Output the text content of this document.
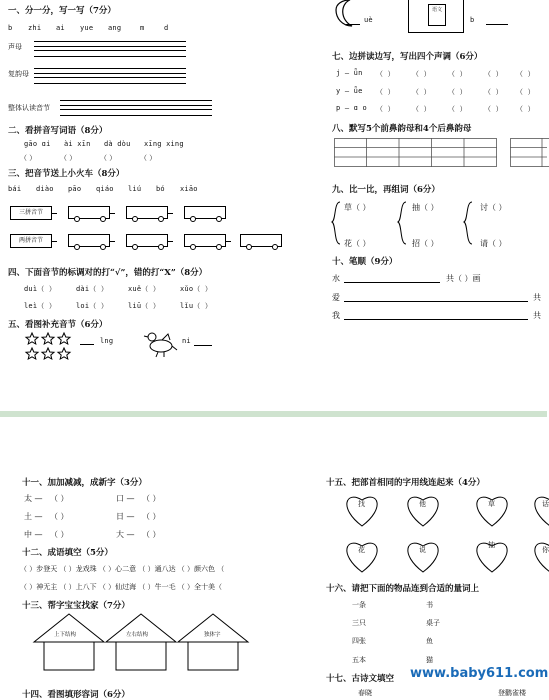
一、分一分，写一写（7分）
b zhi ai yue ang	m	d
声母
复韵母
整体认读音节
二、看拼音写词语（8分）
gāo ɑi ài xīn dà dòu xīng xing
（ ）	（ ）	（ ）	（ ）
三、把音节送上小火车（8分）
bái diào pāo qiáo liú bó xiāo
三拼音节
两拼音节
四、下面音节的标调对的打“√”，错的打“X”（8分）
duì（ ）	dài（ ）	xuě（ ）	xǔo（ ）
leì（ ）	loi（ ）	liū（ ）	lǐu（ ）
五、看图补充音节（6分）
lng	ni
uè
语文
b
七、边拼读边写，写出四个声调（6分）
j — ǖn （ ） （ ） （ ） （ ） （ ）
y — ǖe （ ） （ ） （ ） （ ） （ ）
p — ɑ o （ ） （ ） （ ） （ ） （ ）
八、默写5个前鼻韵母和4个后鼻韵母
九、比一比，再组词（6分）
草（ ）
花（ ）
抽（ ）
招（ ）
讨（ ）
请（ ）
十、笔顺（9分）
水	共（ ）画
爱	共
我	共
十一、加加减减，成新字（3分）
太 — （ ）	口 — （ ）
土 — （ ）	日 — （ ）
中 — （ ）	大 — （ ）
十二、成语填空（5分）
（ ）步登天 （ ）龙戏珠 （ ）心二意 （ ）通八达 （ ）颜六色 （
（ ）神无主 （ ）上八下 （ ）仙过海 （ ）牛一毛 （ ）全十美（
十三、帮字宝宝找家（7分）
上下结构	左右结构	独体字
十四、看图填形容词（6分）
十五、把部首相同的字用线连起来（4分）
找	他	草	话
花	说
抽
你
十六、请把下面的物品连到合适的量词上
一条
三只
四张
五本
书
桌子
鱼
猫
十七、古诗文填空
春晓	登鹳雀楼
www.baby611.com
